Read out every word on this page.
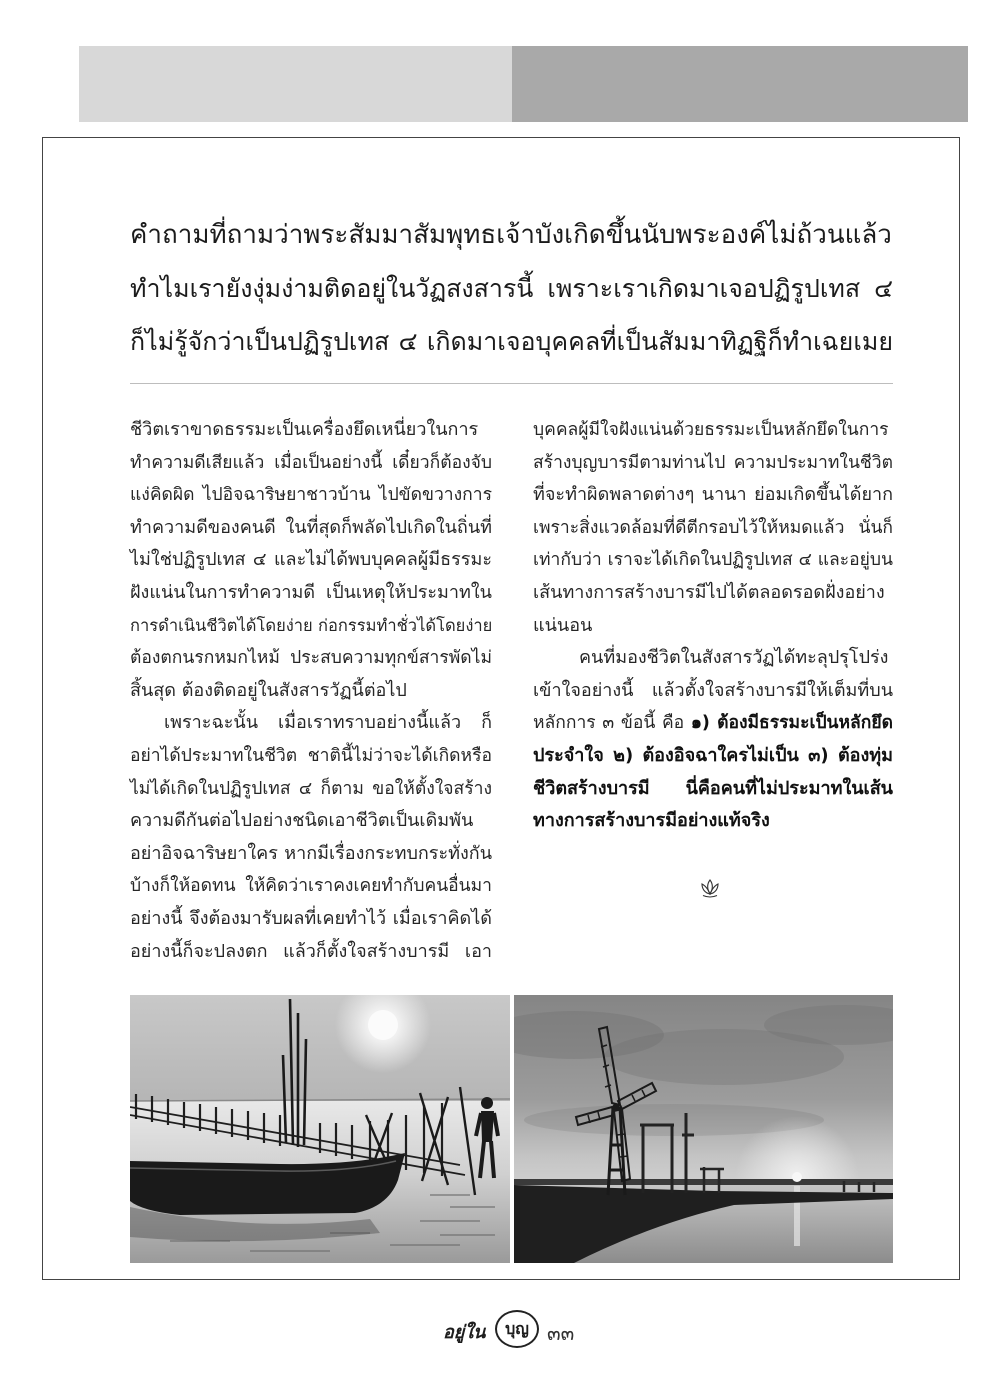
คำถามที่ถามว่าพระสัมมาสัมพุทธเจ้าบังเกิดขึ้นนับพระองค์ไม่ถ้วนแล้ว
ทำไมเรายังงุ่มง่ามติดอยู่ในวัฏสงสารนี้ เพราะเราเกิดมาเจอปฏิรูปเทส ๔
ก็ไม่รู้จักว่าเป็นปฏิรูปเทส ๔ เกิดมาเจอบุคคลที่เป็นสัมมาทิฏฐิก็ทำเฉยเมย
ชีวิตเราขาดธรรมะเป็นเครื่องยึดเหนี่ยวในการ
ทำความดีเสียแล้ว เมื่อเป็นอย่างนี้ เดี๋ยวก็ต้องจับ
แง่คิดผิด ไปอิจฉาริษยาชาวบ้าน ไปขัดขวางการ
ทำความดีของคนดี ในที่สุดก็พลัดไปเกิดในถิ่นที่
ไม่ใช่ปฏิรูปเทส ๔ และไม่ได้พบบุคคลผู้มีธรรมะ
ฝังแน่นในการทำความดี เป็นเหตุให้ประมาทใน
การดำเนินชีวิตได้โดยง่าย ก่อกรรมทำชั่วได้โดยง่าย
ต้องตกนรกหมกไหม้ ประสบความทุกข์สารพัดไม่
สิ้นสุด ต้องติดอยู่ในสังสารวัฏนี้ต่อไป
เพราะฉะนั้น เมื่อเราทราบอย่างนี้แล้ว ก็
อย่าได้ประมาทในชีวิต ชาตินี้ไม่ว่าจะได้เกิดหรือ
ไม่ได้เกิดในปฏิรูปเทส ๔ ก็ตาม ขอให้ตั้งใจสร้าง
ความดีกันต่อไปอย่างชนิดเอาชีวิตเป็นเดิมพัน
อย่าอิจฉาริษยาใคร หากมีเรื่องกระทบกระทั่งกัน
บ้างก็ให้อดทน ให้คิดว่าเราคงเคยทำกับคนอื่นมา
อย่างนี้ จึงต้องมารับผลที่เคยทำไว้ เมื่อเราคิดได้
อย่างนี้ก็จะปลงตก แล้วก็ตั้งใจสร้างบารมี เอา
บุคคลผู้มีใจฝังแน่นด้วยธรรมะเป็นหลักยึดในการ
สร้างบุญบารมีตามท่านไป ความประมาทในชีวิต
ที่จะทำผิดพลาดต่างๆ นานา ย่อมเกิดขึ้นได้ยาก
เพราะสิ่งแวดล้อมที่ดีตีกรอบไว้ให้หมดแล้ว นั่นก็
เท่ากับว่า เราจะได้เกิดในปฏิรูปเทส ๔ และอยู่บน
เส้นทางการสร้างบารมีไปได้ตลอดรอดฝั่งอย่าง
แน่นอน
คนที่มองชีวิตในสังสารวัฏได้ทะลุปรุโปร่ง
เข้าใจอย่างนี้ แล้วตั้งใจสร้างบารมีให้เต็มที่บน
หลักการ ๓ ข้อนี้ คือ ๑) ต้องมีธรรมะเป็นหลักยึด
ประจำใจ ๒) ต้องอิจฉาใครไม่เป็น ๓) ต้องทุ่ม
ชีวิตสร้างบารมี นี่คือคนที่ไม่ประมาทในเส้น
ทางการสร้างบารมีอย่างแท้จริง
อยู่ใน	บุญ ๓๓
